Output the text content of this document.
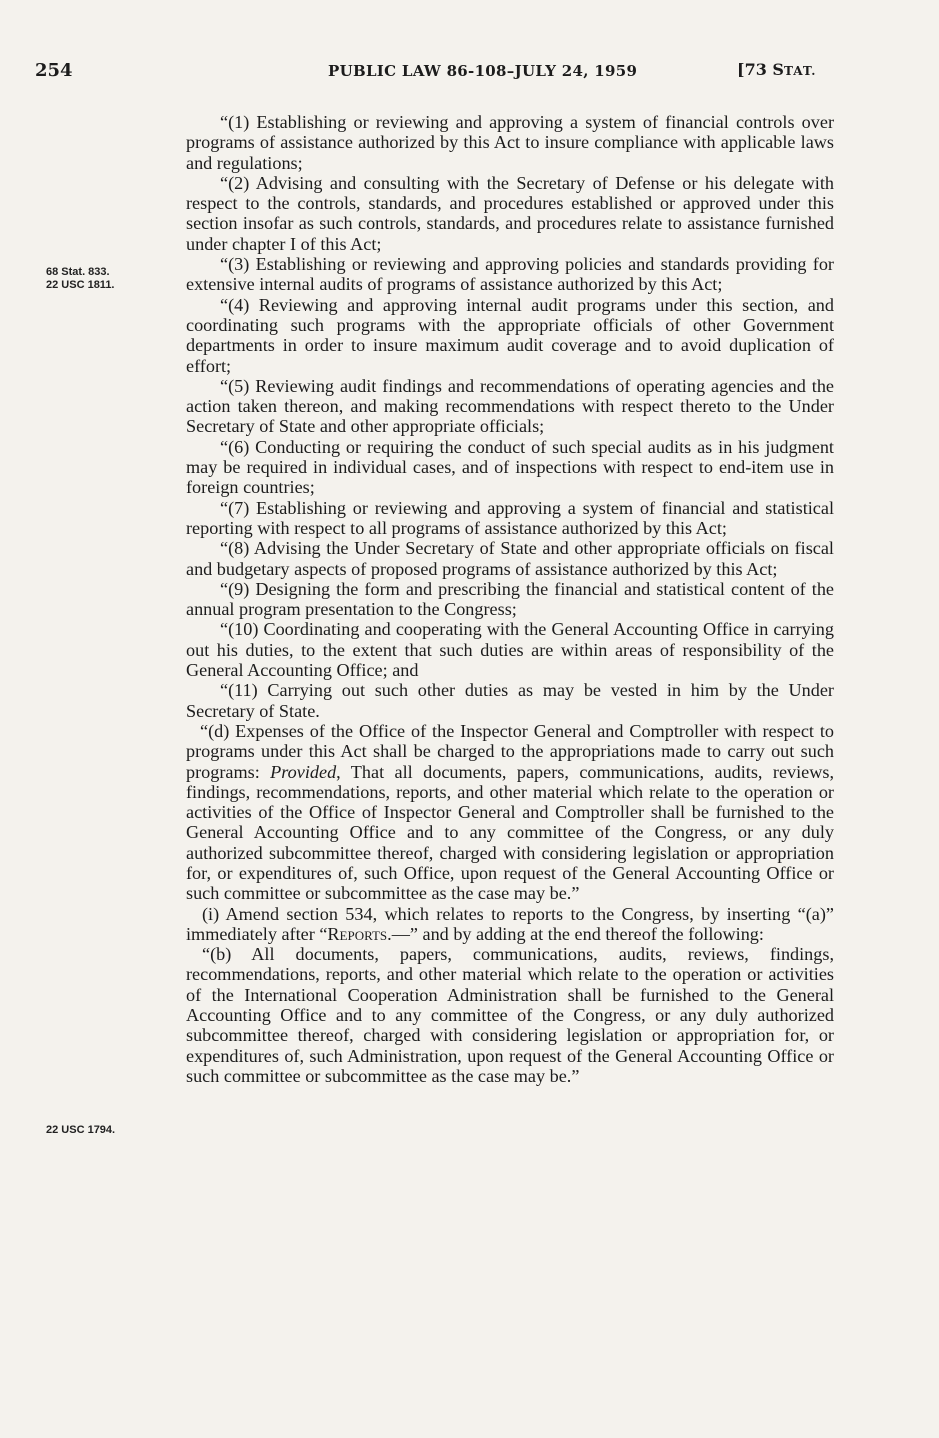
254	PUBLIC LAW 86-108–JULY 24, 1959	[73 STAT.
68 Stat. 833.
22 USC 1811.
22 USC 1794.

“(1) Establishing or reviewing and approving a system of financial controls over programs of assistance authorized by this Act to insure compliance with applicable laws and regulations;

“(2) Advising and consulting with the Secretary of Defense or his delegate with respect to the controls, standards, and procedures established or approved under this section insofar as such controls, standards, and procedures relate to assistance furnished under chapter I of this Act;

“(3) Establishing or reviewing and approving policies and standards providing for extensive internal audits of programs of assistance authorized by this Act;

“(4) Reviewing and approving internal audit programs under this section, and coordinating such programs with the appropriate officials of other Government departments in order to insure maximum audit coverage and to avoid duplication of effort;

“(5) Reviewing audit findings and recommendations of operating agencies and the action taken thereon, and making recommendations with respect thereto to the Under Secretary of State and other appropriate officials;

“(6) Conducting or requiring the conduct of such special audits as in his judgment may be required in individual cases, and of inspections with respect to end-item use in foreign countries;

“(7) Establishing or reviewing and approving a system of financial and statistical reporting with respect to all programs of assistance authorized by this Act;

“(8) Advising the Under Secretary of State and other appropriate officials on fiscal and budgetary aspects of proposed programs of assistance authorized by this Act;

“(9) Designing the form and prescribing the financial and statistical content of the annual program presentation to the Congress;

“(10) Coordinating and cooperating with the General Accounting Office in carrying out his duties, to the extent that such duties are within areas of responsibility of the General Accounting Office; and

“(11) Carrying out such other duties as may be vested in him by the Under Secretary of State.

“(d) Expenses of the Office of the Inspector General and Comptroller with respect to programs under this Act shall be charged to the appropriations made to carry out such programs: Provided, That all documents, papers, communications, audits, reviews, findings, recommendations, reports, and other material which relate to the operation or activities of the Office of Inspector General and Comptroller shall be furnished to the General Accounting Office and to any committee of the Congress, or any duly authorized subcommittee thereof, charged with considering legislation or appropriation for, or expenditures of, such Office, upon request of the General Accounting Office or such committee or subcommittee as the case may be.”

(i) Amend section 534, which relates to reports to the Congress, by inserting “(a)” immediately after “Reports.—” and by adding at the end thereof the following:

“(b) All documents, papers, communications, audits, reviews, findings, recommendations, reports, and other material which relate to the operation or activities of the International Cooperation Administration shall be furnished to the General Accounting Office and to any committee of the Congress, or any duly authorized subcommittee thereof, charged with considering legislation or appropriation for, or expenditures of, such Administration, upon request of the General Accounting Office or such committee or subcommittee as the case may be.”
